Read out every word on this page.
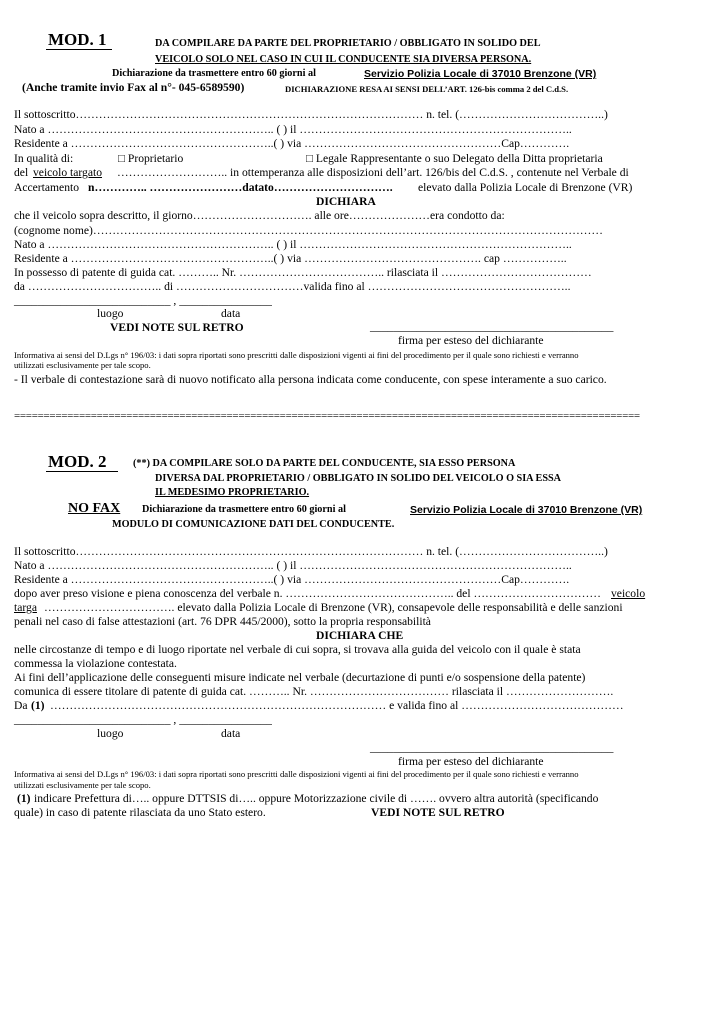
MOD. 1	DA COMPILARE DA PARTE DEL PROPRIETARIO / OBBLIGATO IN SOLIDO DEL
VEICOLO SOLO NEL CASO IN CUI IL CONDUCENTE SIA DIVERSA PERSONA.
Dichiarazione da trasmettere entro 60 giorni al	Servizio Polizia Locale di 37010 Brenzone (VR)
(Anche tramite invio Fax al n°- 045-6589590)	DICHIARAZIONE RESA AI SENSI DELL’ART. 126-bis comma 2 del C.d.S.
Il sottoscritto……………………………………………………………………………… n. tel. (………………………………..)
Nato a ………………………………………………….. ( ) il ……………………………………………………………..
Residente a ……………………………………………..( ) via ……………………………………………Cap………….
In qualità di:	□ Proprietario	□ Legale Rappresentante o suo Delegato della Ditta proprietaria
del veicolo targato ……………………….. in ottemperanza alle disposizioni dell’art. 126/bis del C.d.S. , contenute nel Verbale di
Accertamento n………….. ……………………datato…………………………. elevato dalla Polizia Locale di Brenzone (VR)
DICHIARA
che il veicolo sopra descritto, il giorno…………………………. alle ore…………………era condotto da:
(cognome nome)……………………………………………………………………………………………………………………
Nato a ………………………………………………….. ( ) il ……………………………………………………………..
Residente a ……………………………………………..( ) via ………………………………………. cap ……………..
In possesso di patente di guida cat. ……….. Nr. ……………………………….. rilasciata il …………………………………
da …………………………….. di ……………………………valida fino al ……………………………………………..
___________________________ , ________________
luogo	data
VEDI NOTE SUL RETRO	__________________________________________
firma per esteso del dichiarante
Informativa ai sensi del D.Lgs n° 196/03: i dati sopra riportati sono prescritti dalle disposizioni vigenti ai fini del procedimento per il quale sono richiesti e verranno
utilizzati esclusivamente per tale scopo.
- Il verbale di contestazione sarà di nuovo notificato alla persona indicata come conducente, con spese interamente a suo carico.
==========================================================================================================
MOD. 2	(**) DA COMPILARE SOLO DA PARTE DEL CONDUCENTE, SIA ESSO PERSONA
DIVERSA DAL PROPRIETARIO / OBBLIGATO IN SOLIDO DEL VEICOLO O SIA ESSA
IL MEDESIMO PROPRIETARIO.
NO FAX Dichiarazione da trasmettere entro 60 giorni al	Servizio Polizia Locale di 37010 Brenzone (VR)
MODULO DI COMUNICAZIONE DATI DEL CONDUCENTE.
Il sottoscritto……………………………………………………………………………… n. tel. (………………………………..)
Nato a ………………………………………………….. ( ) il ……………………………………………………………..
Residente a ……………………………………………..( ) via ……………………………………………Cap………….
dopo aver preso visione e piena conoscenza del verbale n. …………………………………….. del …………………………… veicolo
targa ……………………………. elevato dalla Polizia Locale di Brenzone (VR), consapevole delle responsabilità e delle sanzioni
penali nel caso di false attestazioni (art. 76 DPR 445/2000), sotto la propria responsabilità
DICHIARA CHE
nelle circostanze di tempo e di luogo riportate nel verbale di cui sopra, si trovava alla guida del veicolo con il quale è stata
commessa la violazione contestata.
Ai fini dell’applicazione delle conseguenti misure indicate nel verbale (decurtazione di punti e/o sospensione della patente)
comunica di essere titolare di patente di guida cat. ……….. Nr. ……………………………… rilasciata il ……………………….
Da (1) …………………………………………………………………………… e valida fino al ……………………………………
___________________________ , ________________
luogo	data
__________________________________________
firma per esteso del dichiarante
Informativa ai sensi del D.Lgs n° 196/03: i dati sopra riportati sono prescritti dalle disposizioni vigenti ai fini del procedimento per il quale sono richiesti e verranno
utilizzati esclusivamente per tale scopo.
(1) indicare Prefettura di….. oppure DTTSIS di….. oppure Motorizzazione civile di ……. ovvero altra autorità (specificando
quale) in caso di patente rilasciata da uno Stato estero.	VEDI NOTE SUL RETRO
